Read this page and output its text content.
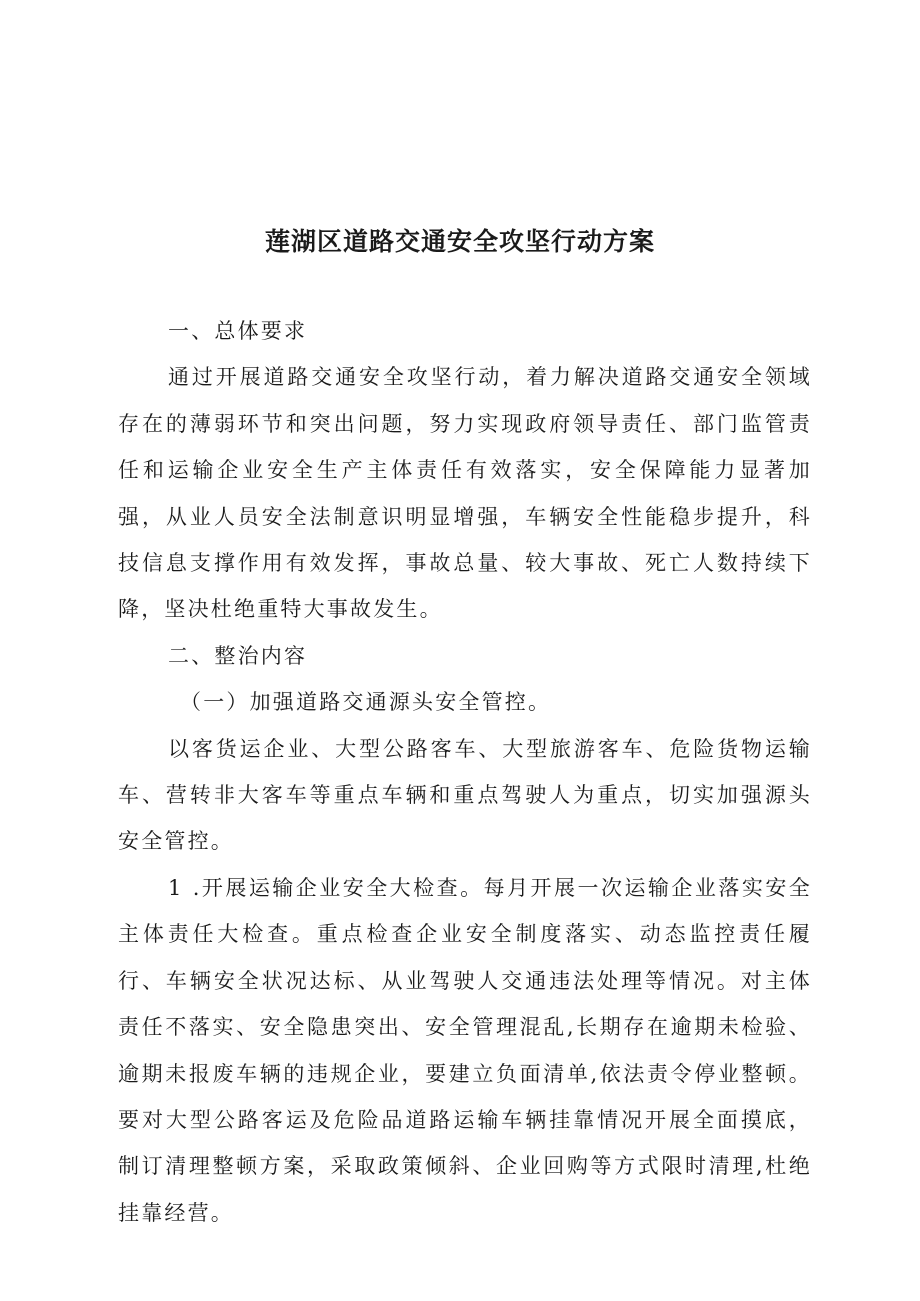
莲湖区道路交通安全攻坚行动方案

一、总体要求

通过开展道路交通安全攻坚行动，着力解决道路交通安全领域存在的薄弱环节和突出问题，努力实现政府领导责任、部门监管责任和运输企业安全生产主体责任有效落实，安全保障能力显著加强，从业人员安全法制意识明显增强，车辆安全性能稳步提升，科技信息支撑作用有效发挥，事故总量、较大事故、死亡人数持续下降，坚决杜绝重特大事故发生。

二、整治内容

（一）加强道路交通源头安全管控。

以客货运企业、大型公路客车、大型旅游客车、危险货物运输车、营转非大客车等重点车辆和重点驾驶人为重点，切实加强源头安全管控。

1 .开展运输企业安全大检查。每月开展一次运输企业落实安全主体责任大检查。重点检查企业安全制度落实、动态监控责任履行、车辆安全状况达标、从业驾驶人交通违法处理等情况。对主体责任不落实、安全隐患突出、安全管理混乱,长期存在逾期未检验、逾期未报废车辆的违规企业，要建立负面清单,依法责令停业整顿。要对大型公路客运及危险品道路运输车辆挂靠情况开展全面摸底，制订清理整顿方案，采取政策倾斜、企业回购等方式限时清理,杜绝挂靠经营。
